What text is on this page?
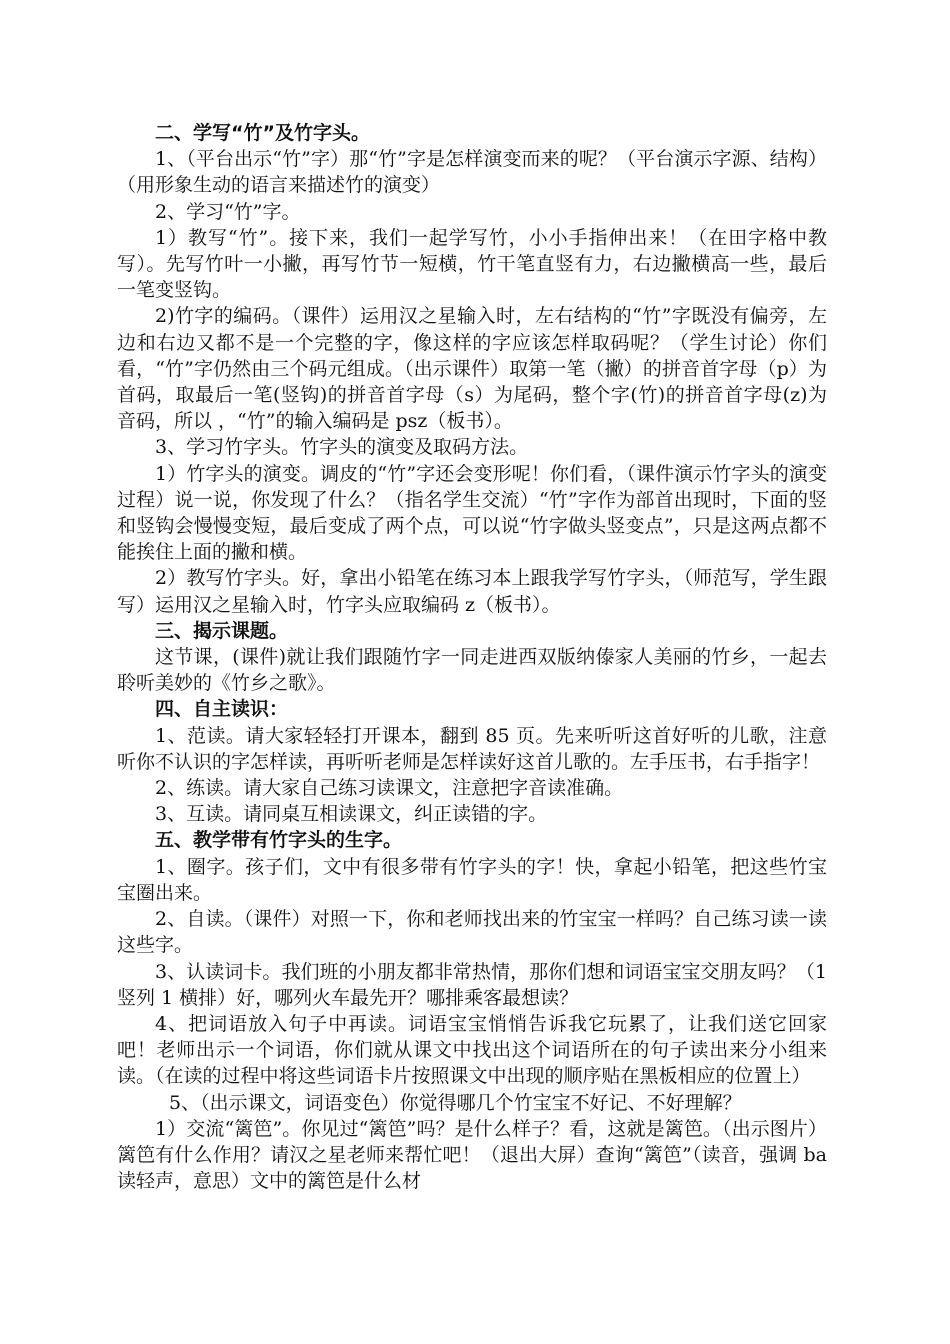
二、学写“竹”及竹字头。

1、（平台出示“竹”字）那“竹”字是怎样演变而来的呢？（平台演示字源、结构）（用形象生动的语言来描述竹的演变）

2、学习“竹”字。

1）教写“竹”。接下来，我们一起学写竹，小小手指伸出来！（在田字格中教写）。先写竹叶一小撇，再写竹节一短横，竹干笔直竖有力，右边撇横高一些，最后一笔变竖钩。

2)竹字的编码。（课件）运用汉之星输入时，左右结构的“竹”字既没有偏旁，左边和右边又都不是一个完整的字，像这样的字应该怎样取码呢？（学生讨论）你们看，“竹”字仍然由三个码元组成。（出示课件）取第一笔（撇）的拼音首字母（p）为首码，取最后一笔(竖钩)的拼音首字母（s）为尾码，整个字(竹)的拼音首字母(z)为音码，所以 ，“竹”的输入编码是 psz（板书）。

3、学习竹字头。竹字头的演变及取码方法。

1）竹字头的演变。调皮的“竹”字还会变形呢！你们看，（课件演示竹字头的演变过程）说一说，你发现了什么？（指名学生交流）“竹”字作为部首出现时，下面的竖和竖钩会慢慢变短，最后变成了两个点，可以说“竹字做头竖变点”，只是这两点都不能挨住上面的撇和横。

2）教写竹字头。好，拿出小铅笔在练习本上跟我学写竹字头，（师范写，学生跟写）运用汉之星输入时，竹字头应取编码 z（板书）。

三、揭示课题。

这节课，(课件)就让我们跟随竹字一同走进西双版纳傣家人美丽的竹乡，一起去聆听美妙的《竹乡之歌》。

四、自主读识：

1、范读。请大家轻轻打开课本，翻到 85 页。先来听听这首好听的儿歌，注意听你不认识的字怎样读，再听听老师是怎样读好这首儿歌的。左手压书，右手指字！

2、练读。请大家自己练习读课文，注意把字音读准确。

3、互读。请同桌互相读课文，纠正读错的字。

五、教学带有竹字头的生字。

1、圈字。孩子们，文中有很多带有竹字头的字！快，拿起小铅笔，把这些竹宝宝圈出来。

2、自读。（课件）对照一下，你和老师找出来的竹宝宝一样吗？自己练习读一读这些字。

3、认读词卡。我们班的小朋友都非常热情，那你们想和词语宝宝交朋友吗？（1 竖列 1 横排）好，哪列火车最先开？哪排乘客最想读？

4、把词语放入句子中再读。词语宝宝悄悄告诉我它玩累了，让我们送它回家吧！老师出示一个词语，你们就从课文中找出这个词语所在的句子读出来分小组来读。（在读的过程中将这些词语卡片按照课文中出现的顺序贴在黑板相应的位置上）

5、（出示课文，词语变色）你觉得哪几个竹宝宝不好记、不好理解？

1）交流“篱笆”。你见过“篱笆”吗？是什么样子？看，这就是篱笆。（出示图片）篱笆有什么作用？请汉之星老师来帮忙吧！（退出大屏）查询“篱笆”（读音，强调 ba 读轻声，意思）文中的篱笆是什么材
